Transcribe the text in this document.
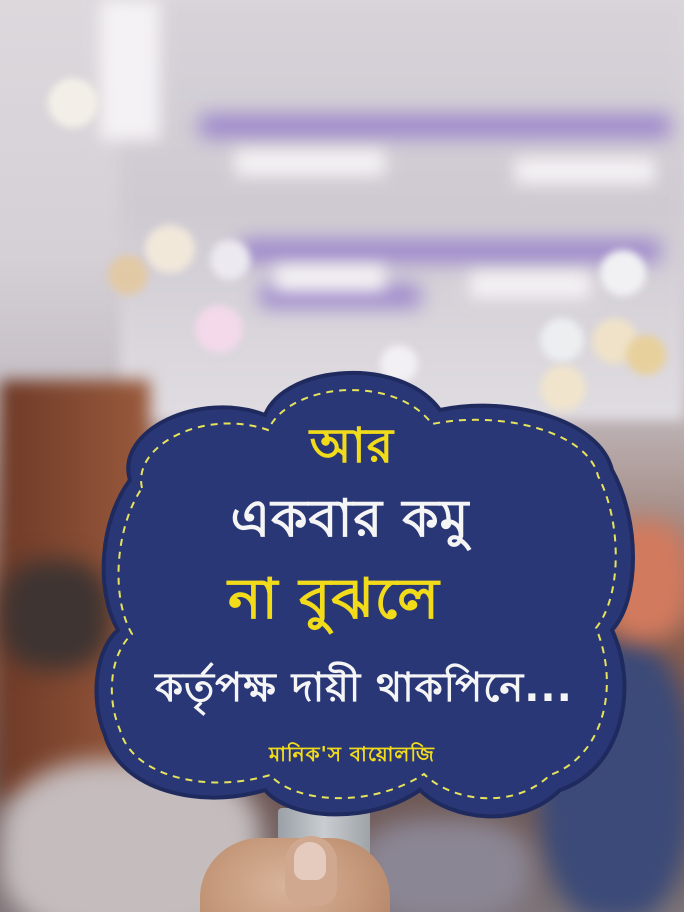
আর
একবার কমু
না বুঝলে
কর্তৃপক্ষ দায়ী থাকপিনে...
মানিক'স বায়োলজি
